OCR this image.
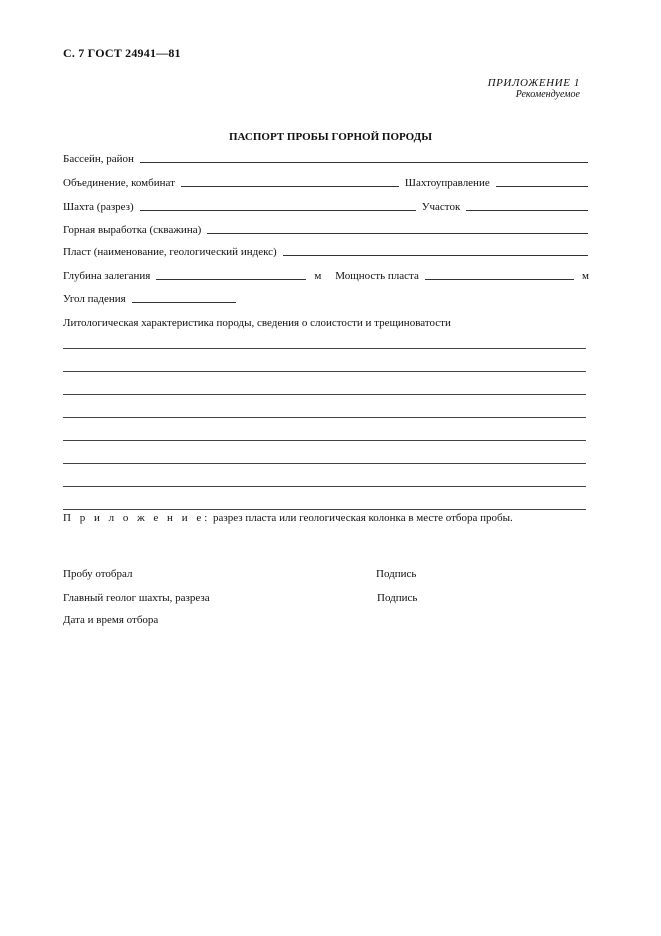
С. 7 ГОСТ 24941—81
ПРИЛОЖЕНИЕ 1
Рекомендуемое
ПАСПОРТ ПРОБЫ ГОРНОЙ ПОРОДЫ
Бассейн, район
Объединение, комбинат	Шахтоуправление
Шахта (разрез)	Участок
Горная выработка (скважина)
Пласт (наименование, геологический индекс)
Глубина залегания	м Мощность пласта	м
Угол падения
Литологическая характеристика породы, сведения о слоистости и трещиноватости
П р и л о ж е н и е: разрез пласта или геологическая колонка в месте отбора пробы.
Пробу отобрал	Подпись
Главный геолог шахты, разреза	Подпись
Дата и время отбора
